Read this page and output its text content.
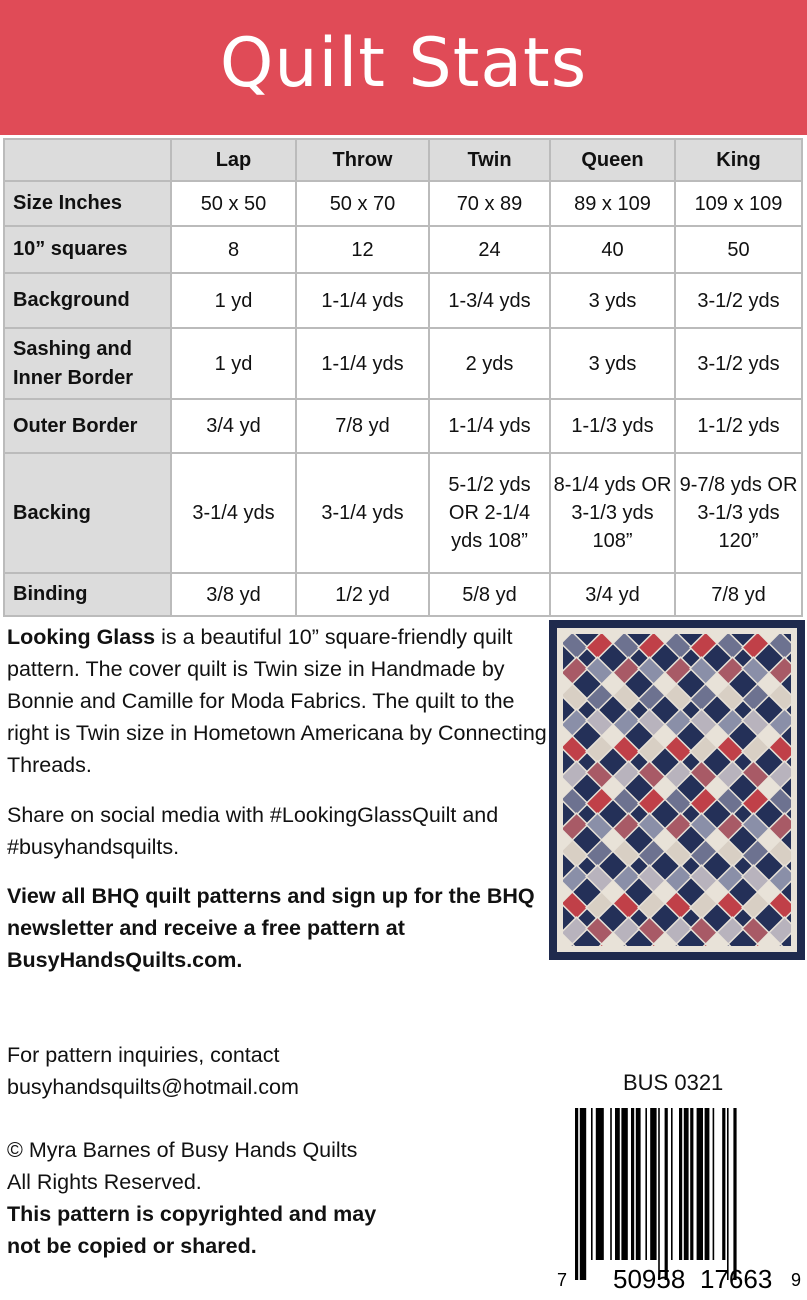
Quilt Stats
	Lap	Throw	Twin	Queen	King
Size Inches	50 x 50	50 x 70	70 x 89	89 x 109	109 x 109
10” squares	8	12	24	40	50
Background	1 yd	1-1/4 yds	1-3/4 yds	3 yds	3-1/2 yds
Sashing and Inner Border	1 yd	1-1/4 yds	2 yds	3 yds	3-1/2 yds
Outer Border	3/4 yd	7/8 yd	1-1/4 yds	1-1/3 yds	1-1/2 yds
Backing	3-1/4 yds	3-1/4 yds	5-1/2 yds OR 2-1/4 yds 108”	8-1/4 yds OR 3-1/3 yds 108”	9-7/8 yds OR 3-1/3 yds 120”
Binding	3/8 yd	1/2 yd	5/8 yd	3/4 yd	7/8 yd
Looking Glass is a beautiful 10” square-friendly quilt pattern. The cover quilt is Twin size in Handmade by Bonnie and Camille for Moda Fabrics. The quilt to the right is Twin size in Hometown Americana by Connecting Threads.
Share on social media with #LookingGlassQuilt and #busyhandsquilts.
View all BHQ quilt patterns and sign up for the BHQ newsletter and receive a free pattern at BusyHandsQuilts.com.
For pattern inquiries, contact
busyhandsquilts@hotmail.com
© Myra Barnes of Busy Hands Quilts
All Rights Reserved.
This pattern is copyrighted and may not be copied or shared.
BUS 0321
7 50958 17663 9
